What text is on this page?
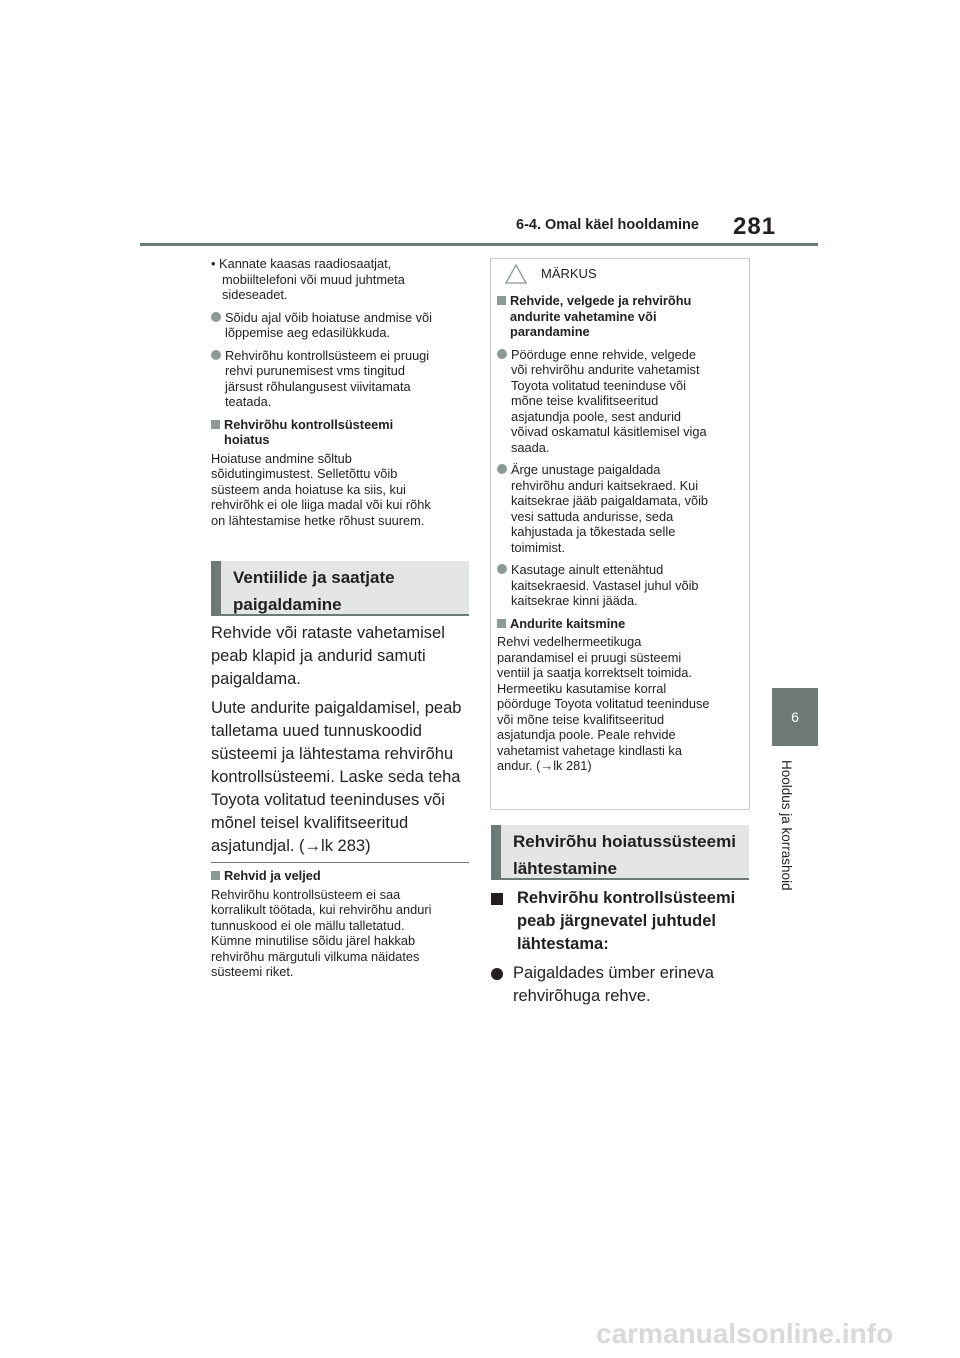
6-4. Omal käel hooldamine 281
6
Hooldus ja korrashoid
• Kannate kaasas raadiosaatjat,
mobiiltelefoni või muud juhtmeta
sideseadet.
Sõidu ajal võib hoiatuse andmise või
lõppemise aeg edasilükkuda.
Rehvirõhu kontrollsüsteem ei pruugi
rehvi purunemisest vms tingitud
järsust rõhulangusest viivitamata
teatada.
Rehvirõhu kontrollsüsteemi
hoiatus
Hoiatuse andmine sõltub
sõidutingimustest. Selletõttu võib
süsteem anda hoiatuse ka siis, kui
rehvirõhk ei ole liiga madal või kui rõhk
on lähtestamise hetke rõhust suurem.
Ventiilide ja saatjate
paigaldamine
Rehvide või rataste vahetamisel
peab klapid ja andurid samuti
paigaldama.
Uute andurite paigaldamisel, peab
talletama uued tunnuskoodid
süsteemi ja lähtestama rehvirõhu
kontrollsüsteemi. Laske seda teha
Toyota volitatud teeninduses või
mõnel teisel kvalifitseeritud
asjatundjal. (→lk 283)
Rehvid ja veljed
Rehvirõhu kontrollsüsteem ei saa
korralikult töötada, kui rehvirõhu anduri
tunnuskood ei ole mällu talletatud.
Kümne minutilise sõidu järel hakkab
rehvirõhu märgutuli vilkuma näidates
süsteemi riket.
MÄRKUS
Rehvide, velgede ja rehvirõhu
andurite vahetamine või
parandamine
Pöörduge enne rehvide, velgede
või rehvirõhu andurite vahetamist
Toyota volitatud teeninduse või
mõne teise kvalifitseeritud
asjatundja poole, sest andurid
võivad oskamatul käsitlemisel viga
saada.
Ärge unustage paigaldada
rehvirõhu anduri kaitsekraed. Kui
kaitsekrae jääb paigaldamata, võib
vesi sattuda andurisse, seda
kahjustada ja tõkestada selle
toimimist.
Kasutage ainult ettenähtud
kaitsekraesid. Vastasel juhul võib
kaitsekrae kinni jääda.
Andurite kaitsmine
Rehvi vedelhermeetikuga
parandamisel ei pruugi süsteemi
ventiil ja saatja korrektselt toimida.
Hermeetiku kasutamise korral
pöörduge Toyota volitatud teeninduse
või mõne teise kvalifitseeritud
asjatundja poole. Peale rehvide
vahetamist vahetage kindlasti ka
andur. (→lk 281)
Rehvirõhu hoiatussüsteemi
lähtestamine
Rehvirõhu kontrollsüsteemi
peab järgnevatel juhtudel
lähtestama:
Paigaldades ümber erineva
rehvirõhuga rehve.
carmanualsonline.info
